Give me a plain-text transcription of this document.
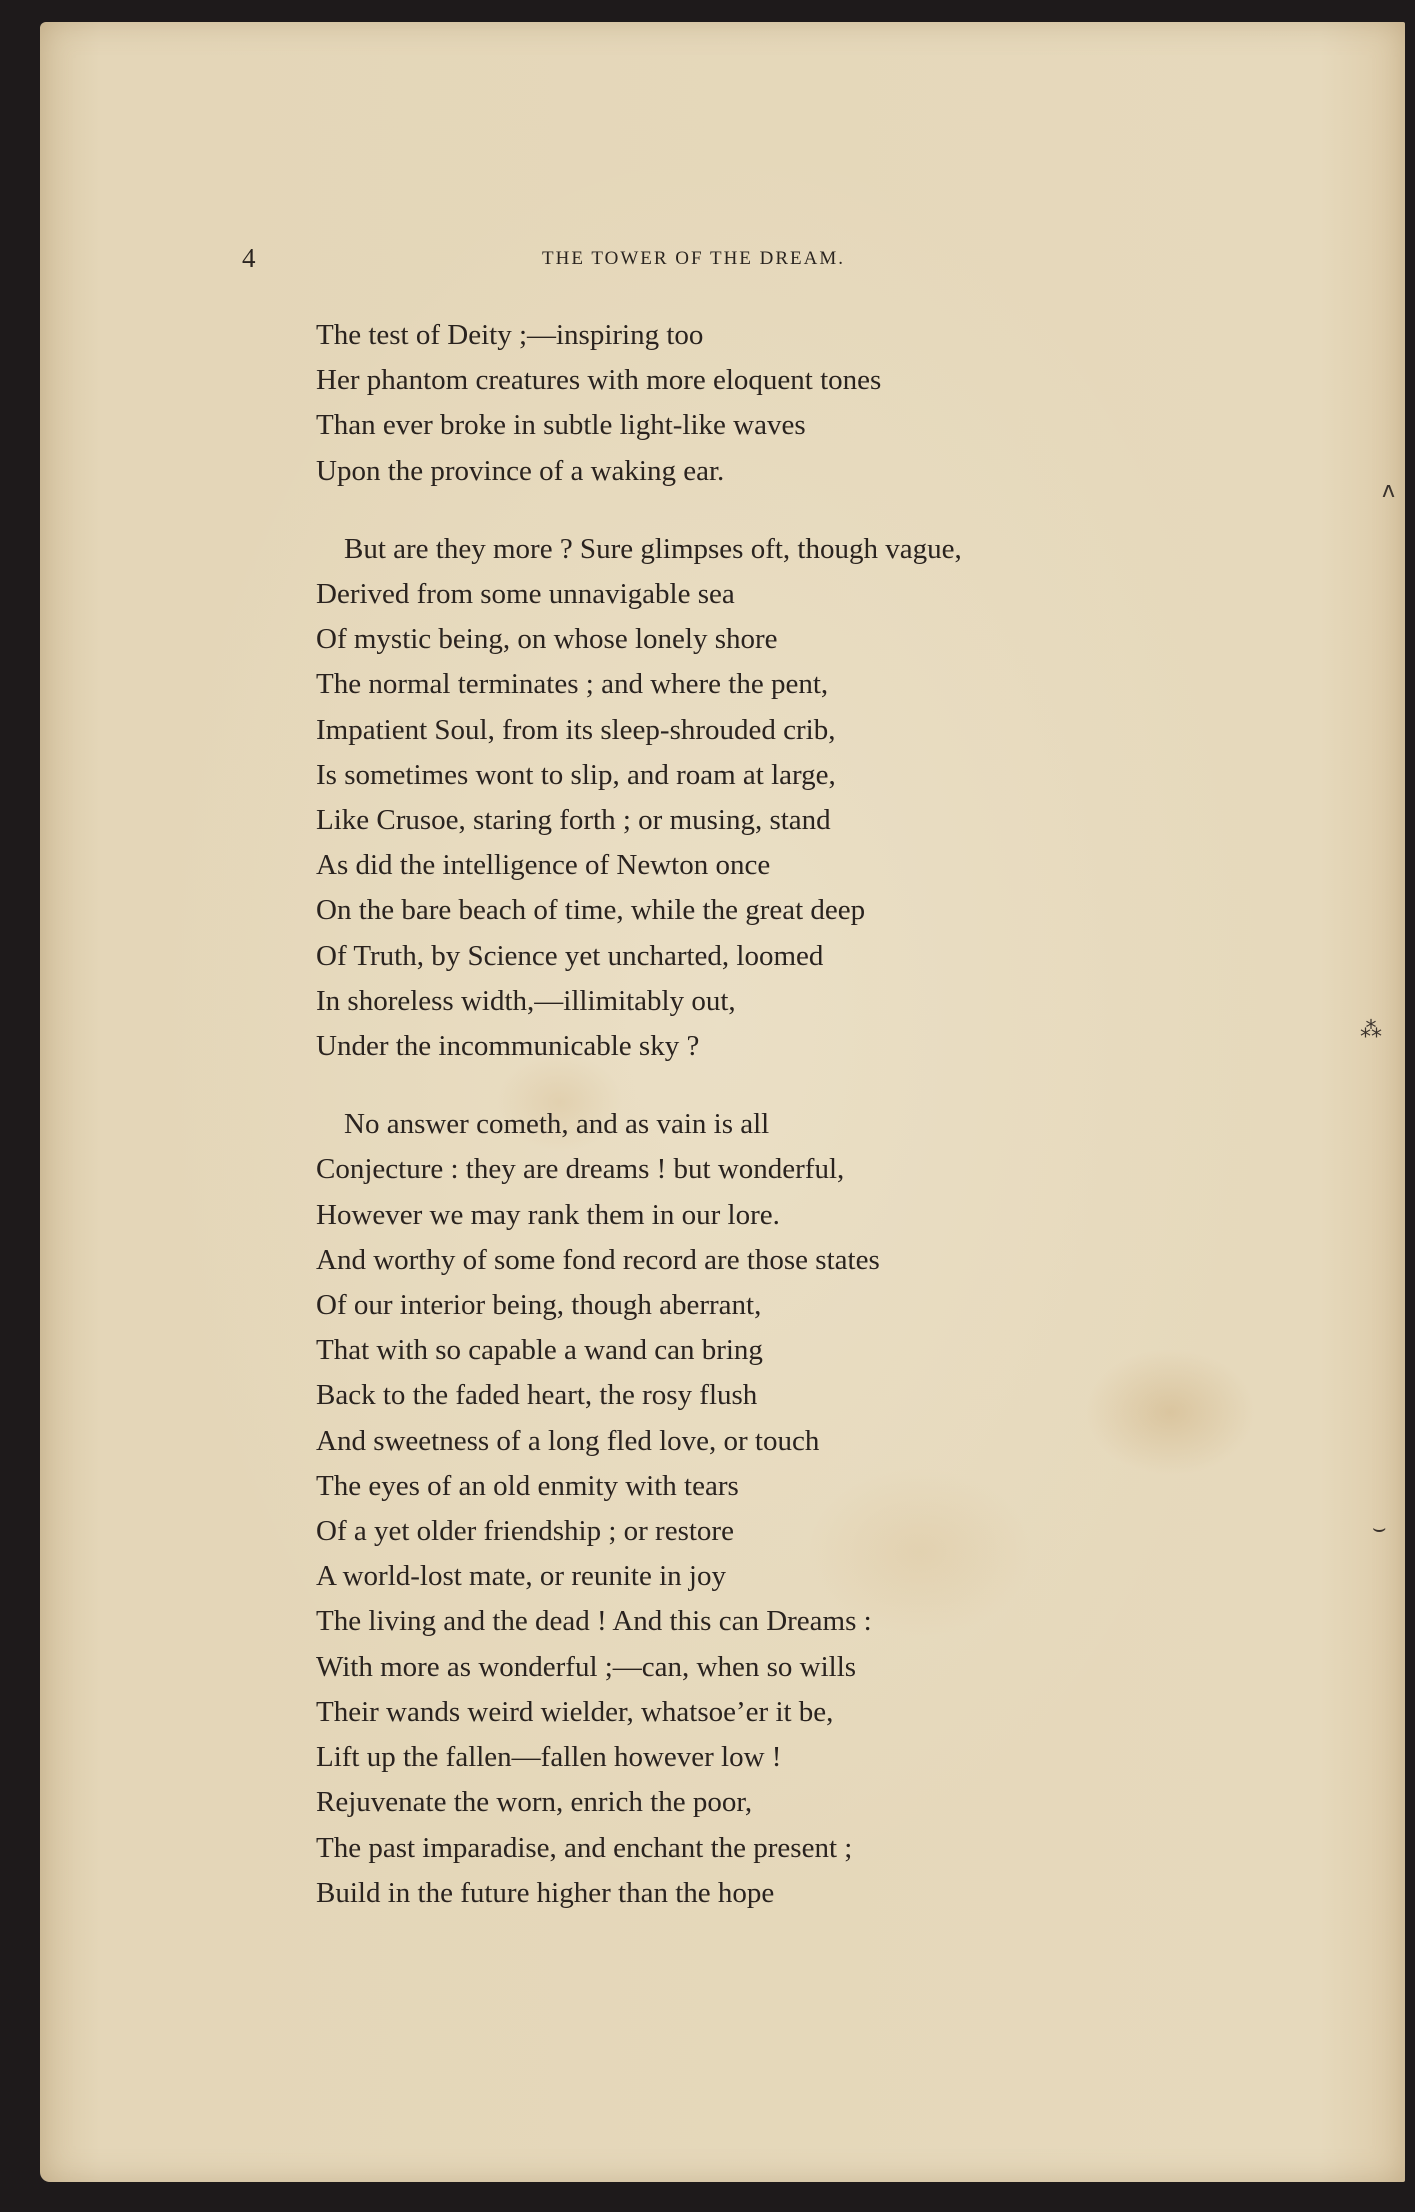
4	THE TOWER OF THE DREAM.
The test of Deity ;—inspiring too
Her phantom creatures with more eloquent tones
Than ever broke in subtle light-like waves
Upon the province of a waking ear.
But are they more ? Sure glimpses oft, though vague,
Derived from some unnavigable sea
Of mystic being, on whose lonely shore
The normal terminates ; and where the pent,
Impatient Soul, from its sleep-shrouded crib,
Is sometimes wont to slip, and roam at large,
Like Crusoe, staring forth ; or musing, stand
As did the intelligence of Newton once
On the bare beach of time, while the great deep
Of Truth, by Science yet uncharted, loomed
In shoreless width,—illimitably out,
Under the incommunicable sky ?
No answer cometh, and as vain is all
Conjecture : they are dreams ! but wonderful,
However we may rank them in our lore.
And worthy of some fond record are those states
Of our interior being, though aberrant,
That with so capable a wand can bring
Back to the faded heart, the rosy flush
And sweetness of a long fled love, or touch
The eyes of an old enmity with tears
Of a yet older friendship ; or restore
A world-lost mate, or reunite in joy
The living and the dead ! And this can Dreams :
With more as wonderful ;—can, when so wills
Their wands weird wielder, whatsoe’er it be,
Lift up the fallen—fallen however low !
Rejuvenate the worn, enrich the poor,
The past imparadise, and enchant the present ;
Build in the future higher than the hope
ᴧ
⁂
⌣
